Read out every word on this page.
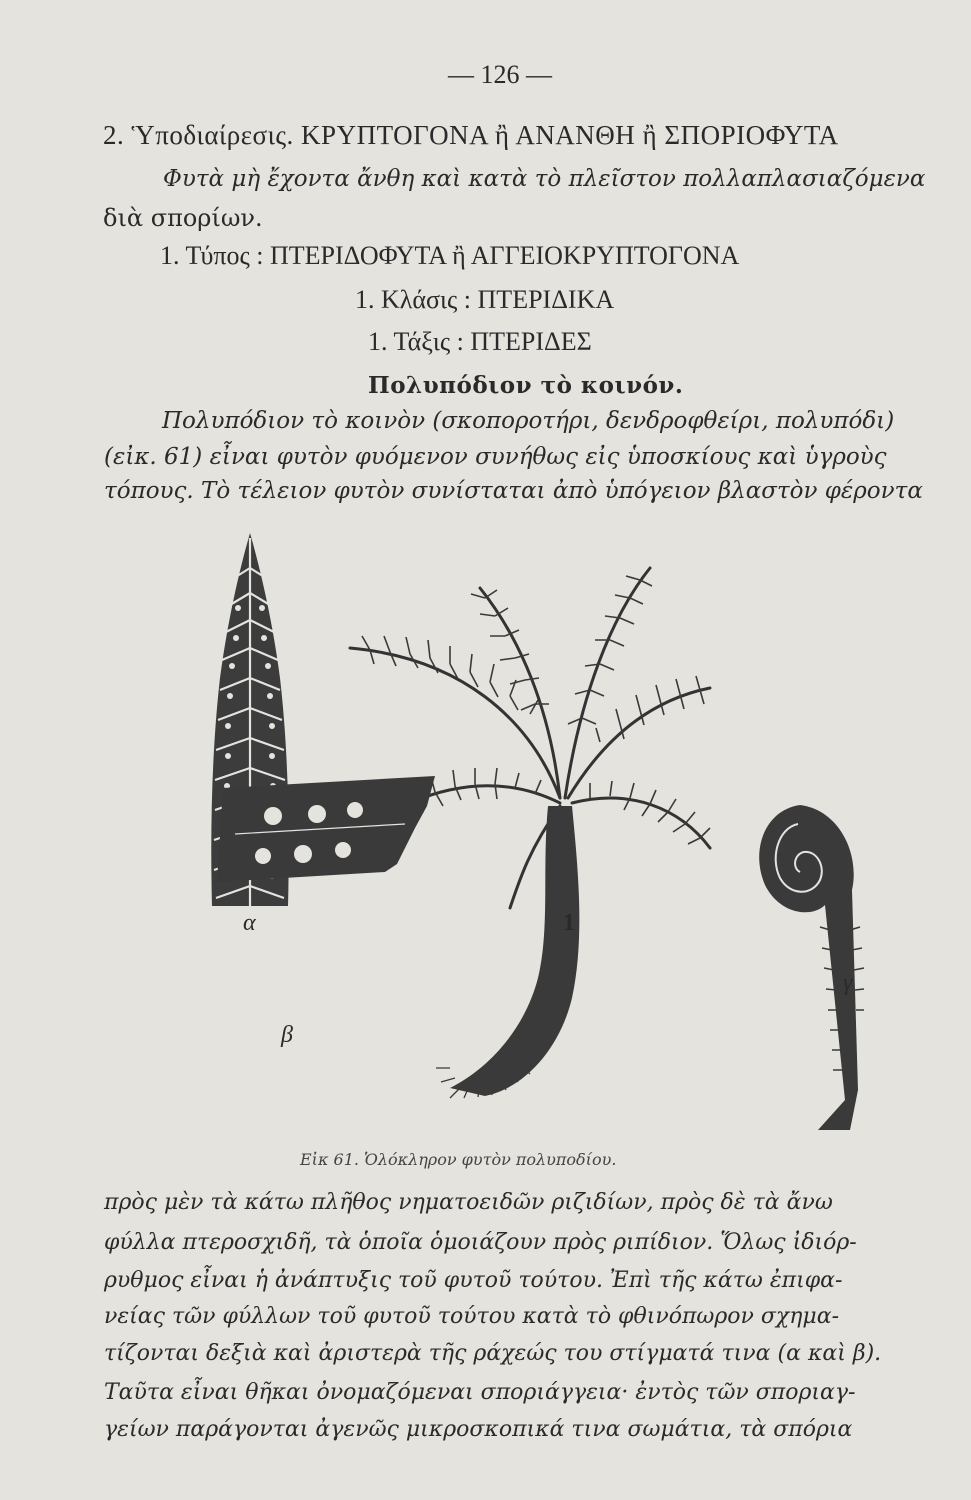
— 126 —
2. Ὑποδιαίρεσις. ΚΡΥΠΤΟΓΟΝΑ ἢ ΑΝΑΝΘΗ ἢ ΣΠΟΡΙΟΦΥΤΑ
Φυτὰ μὴ ἔχοντα ἄνθη καὶ κατὰ τὸ πλεῖστον πολλαπλασιαζόμενα
διὰ σπορίων.
1. Τύπος : ΠΤΕΡΙΔΟΦΥΤΑ ἢ ΑΓΓΕΙΟΚΡΥΠΤΟΓΟΝΑ
1. Κλάσις : ΠΤΕΡΙΔΙΚΑ
1. Τάξις : ΠΤΕΡΙΔΕΣ
Πολυπόδιον τὸ κοινόν.
Πολυπόδιον τὸ κοινὸν (σκοποροτήρι, δενδροφθείρι, πολυπόδι)
(εἰκ. 61) εἶναι φυτὸν φυόμενον συνήθως εἰς ὑποσκίους καὶ ὑγροὺς
τόπους. Τὸ τέλειον φυτὸν συνίσταται ἀπὸ ὑπόγειον βλαστὸν φέροντα
α	1
β
γ
Εἰκ 61. Ὁλόκληρον φυτὸν πολυποδίου.
πρὸς μὲν τὰ κάτω πλῆθος νηματοειδῶν ριζιδίων, πρὸς δὲ τὰ ἄνω
φύλλα πτεροσχιδῆ, τὰ ὁποῖα ὁμοιάζουν πρὸς ριπίδιον. Ὅλως ἰδιόρ-
ρυθμος εἶναι ἡ ἀνάπτυξις τοῦ φυτοῦ τούτου. Ἐπὶ τῆς κάτω ἐπιφα-
νείας τῶν φύλλων τοῦ φυτοῦ τούτου κατὰ τὸ φθινόπωρον σχημα-
τίζονται δεξιὰ καὶ ἀριστερὰ τῆς ράχεώς του στίγματά τινα (α καὶ β).
Ταῦτα εἶναι θῆκαι ὀνομαζόμεναι σποριάγγεια· ἐντὸς τῶν σποριαγ-
γείων παράγονται ἀγενῶς μικροσκοπικά τινα σωμάτια, τὰ σπόρια
